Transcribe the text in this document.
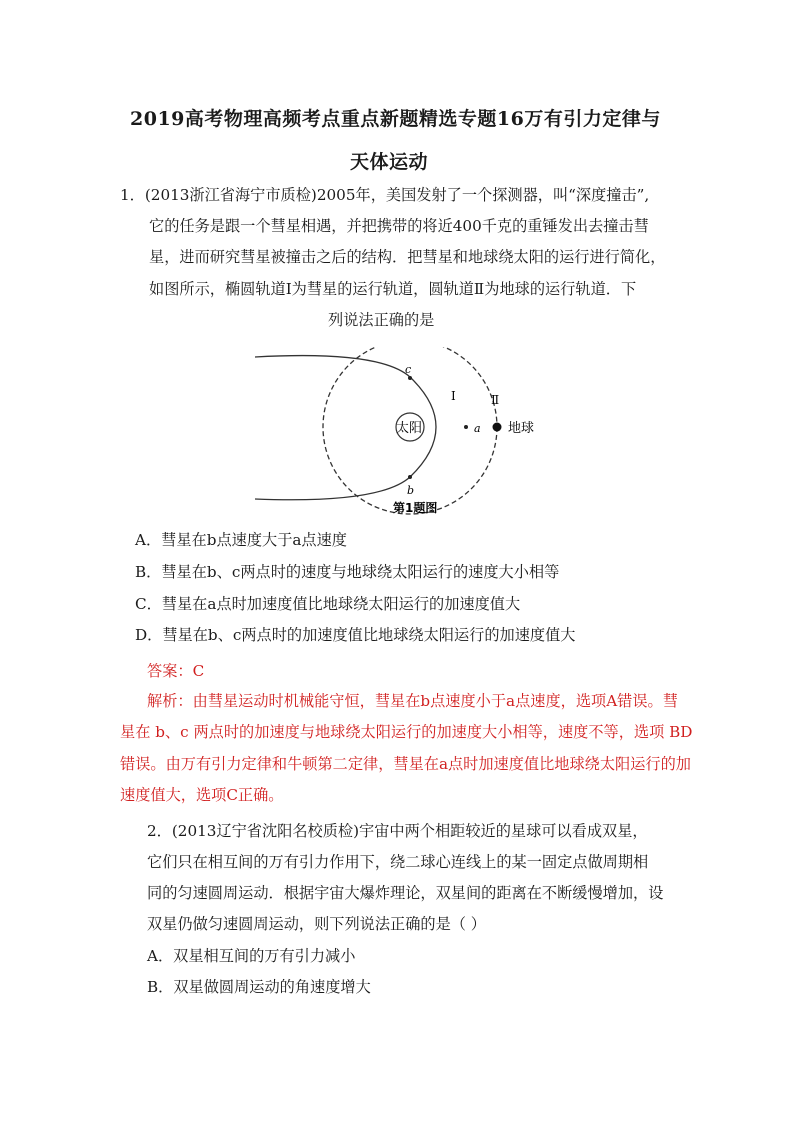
2019高考物理高频考点重点新题精选专题16万有引力定律与
天体运动
1．(2013浙江省海宁市质检)2005年，美国发射了一个探测器，叫“深度撞击”,
它的任务是跟一个彗星相遇，并把携带的将近400千克的重锤发出去撞击彗
星，进而研究彗星被撞击之后的结构．把彗星和地球绕太阳的运行进行简化，
如图所示，椭圆轨道Ⅰ为彗星的运行轨道，圆轨道Ⅱ为地球的运行轨道．下
列说法正确的是
太阳
c
b
a
Ⅰ	Ⅱ
地球
第1题图
A．彗星在b点速度大于a点速度
B．彗星在b、c两点时的速度与地球绕太阳运行的速度大小相等
C．彗星在a点时加速度值比地球绕太阳运行的加速度值大
D．彗星在b、c两点时的加速度值比地球绕太阳运行的加速度值大
答案：C
解析：由彗星运动时机械能守恒，彗星在b点速度小于a点速度，选项A错误。彗
星在 b、c 两点时的加速度与地球绕太阳运行的加速度大小相等，速度不等，选项 BD
错误。由万有引力定律和牛顿第二定律，彗星在a点时加速度值比地球绕太阳运行的加
速度值大，选项C正确。
2．(2013辽宁省沈阳名校质检)宇宙中两个相距较近的星球可以看成双星，
它们只在相互间的万有引力作用下，绕二球心连线上的某一固定点做周期相
同的匀速圆周运动．根据宇宙大爆炸理论，双星间的距离在不断缓慢增加，设
双星仍做匀速圆周运动，则下列说法正确的是（ ）
A．双星相互间的万有引力减小
B．双星做圆周运动的角速度增大
